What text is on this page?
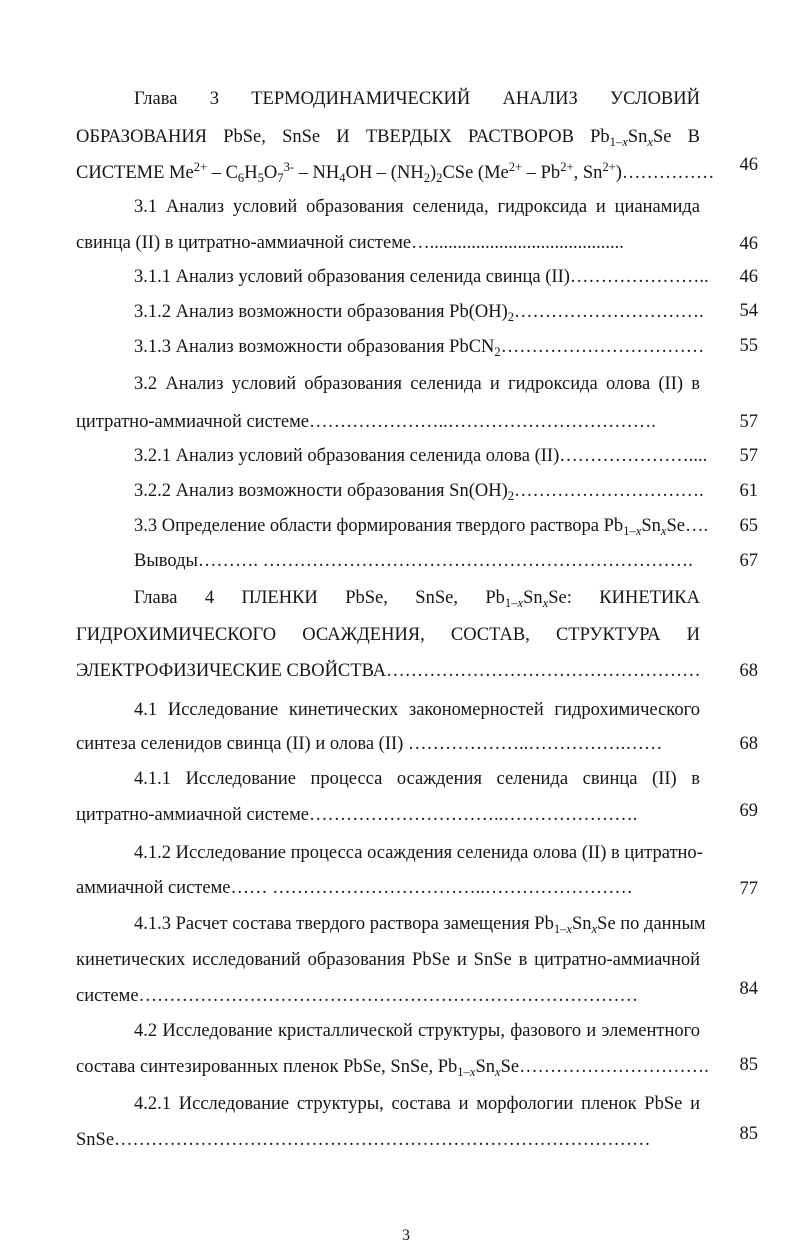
Глава 3 ТЕРМОДИНАМИЧЕСКИЙ АНАЛИЗ УСЛОВИЙ
ОБРАЗОВАНИЯ PbSe, SnSe И ТВЕРДЫХ РАСТВОРОВ $Pb_{1-x}Sn_xSe$ В
СИСТЕМЕ $Me^{2+} - C_6H_5O_7^{3-} - NH_4OH - (NH_2)_2CSe$ ($Me^{2+} - Pb^{2+}$, $Sn^{2+})\dots\dots\dots\dots\dots$	46
3.1 Анализ условий образования селенида, гидроксида и цианамида
свинца (II) в цитратно-аммиачной системе…..........................................	46
3.1.1 Анализ условий образования селенида свинца (II)…………………..	46
3.1.2 Анализ возможности образования $Pb(OH)_2\dots\dots\dots\dots\dots\dots\dots\dots\dots\dots$.	54
3.1.3 Анализ возможности образования PbCN$_2$……………………………	55
3.2 Анализ условий образования селенида и гидроксида олова (II) в
цитратно-аммиачной системе…………………..…………………………….	57
3.2.1 Анализ условий образования селенида олова (II)…………………....	57
3.2.2 Анализ возможности образования $Sn(OH)_2\dots\dots\dots\dots\dots\dots\dots\dots\dots\dots$.	61
3.3 Определение области формирования твердого раствора $Pb_{1-x}Sn_xSe\dots$.	65
Выводы………. …………………………………………………………….	67
Глава 4 ПЛЕНКИ PbSe, SnSe, $Pb_{1-x}Sn_xSe$: КИНЕТИКА
ГИДРОХИМИЧЕСКОГО ОСАЖДЕНИЯ, СОСТАВ, СТРУКТУРА И
ЭЛЕКТРОФИЗИЧЕСКИЕ СВОЙСТВА……………………………………………	68
4.1 Исследование кинетических закономерностей гидрохимического
синтеза селенидов свинца (II) и олова (II) ………………..…………….……	68
4.1.1 Исследование процесса осаждения селенида свинца (II) в
цитратно-аммиачной системе…………………………..………………….	69
4.1.2 Исследование процесса осаждения селенида олова (II) в цитратно-
аммиачной системе…… ……………………………..……………………	77
4.1.3 Расчет состава твердого раствора замещения $Pb_{1-x}Sn_xSe$ по данным
кинетических исследований образования PbSe и SnSe в цитратно-аммиачной
системе………………………………………………………………………	84
4.2 Исследование кристаллической структуры, фазового и элементного
состава синтезированных пленок PbSe, SnSe, $Pb_{1-x}Sn_xSe\dots\dots\dots\dots\dots\dots\dots\dots\dots\dots$.	85
4.2.1 Исследование структуры, состава и морфологии пленок PbSe и
SnSe……………………………………………………………………………	85
3
